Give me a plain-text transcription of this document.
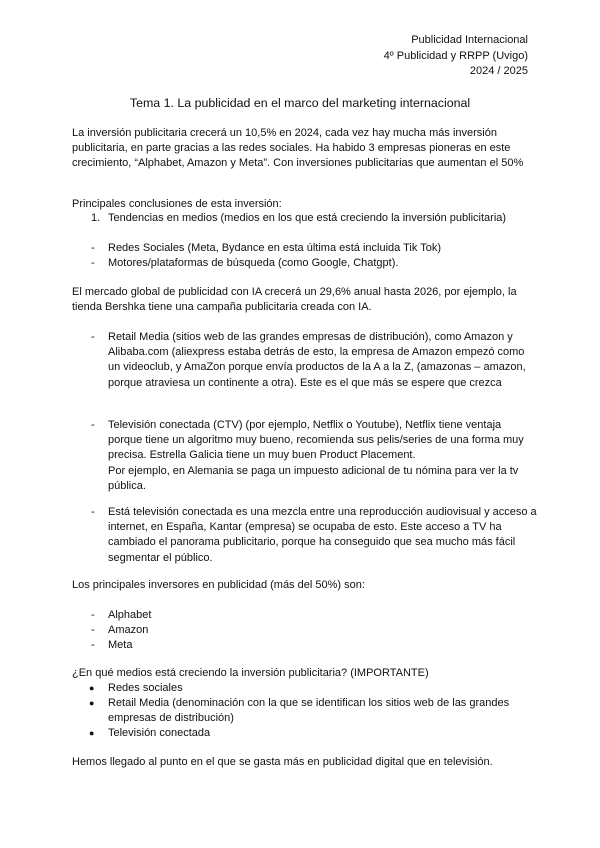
Publicidad Internacional
4º Publicidad y RRPP (Uvigo)
2024 / 2025
Tema 1. La publicidad en el marco del marketing internacional
La inversión publicitaria crecerá un 10,5% en 2024, cada vez hay mucha más inversión publicitaria, en parte gracias a las redes sociales. Ha habido 3 empresas pioneras en este crecimiento, “Alphabet, Amazon y Meta”. Con inversiones publicitarias que aumentan el 50%
Principales conclusiones de esta inversión:
1. Tendencias en medios (medios en los que está creciendo la inversión publicitaria)
- Redes Sociales (Meta, Bydance en esta última está incluida Tik Tok)
- Motores/plataformas de búsqueda (como Google, Chatgpt).
El mercado global de publicidad con IA crecerá un 29,6% anual hasta 2026, por ejemplo, la tienda Bershka tiene una campaña publicitaria creada con IA.
- Retail Media (sitios web de las grandes empresas de distribución), como Amazon y Alibaba.com (aliexpress estaba detrás de esto, la empresa de Amazon empezó como un videoclub, y AmaZon porque envía productos de la A a la Z, (amazonas – amazon, porque atraviesa un continente a otra). Este es el que más se espere que crezca
- Televisión conectada (CTV) (por ejemplo, Netflix o Youtube), Netflix tiene ventaja porque tiene un algoritmo muy bueno, recomienda sus pelis/series de una forma muy precisa. Estrella Galicia tiene un muy buen Product Placement.
Por ejemplo, en Alemania se paga un impuesto adicional de tu nómina para ver la tv pública.
- Está televisión conectada es una mezcla entre una reproducción audiovisual y acceso a internet, en España, Kantar (empresa) se ocupaba de esto. Este acceso a TV ha cambiado el panorama publicitario, porque ha conseguido que sea mucho más fácil segmentar el público.
Los principales inversores en publicidad (más del 50%) son:
- Alphabet
- Amazon
- Meta
¿En qué medios está creciendo la inversión publicitaria? (IMPORTANTE)
● Redes sociales
● Retail Media (denominación con la que se identifican los sitios web de las grandes empresas de distribución)
● Televisión conectada
Hemos llegado al punto en el que se gasta más en publicidad digital que en televisión.
